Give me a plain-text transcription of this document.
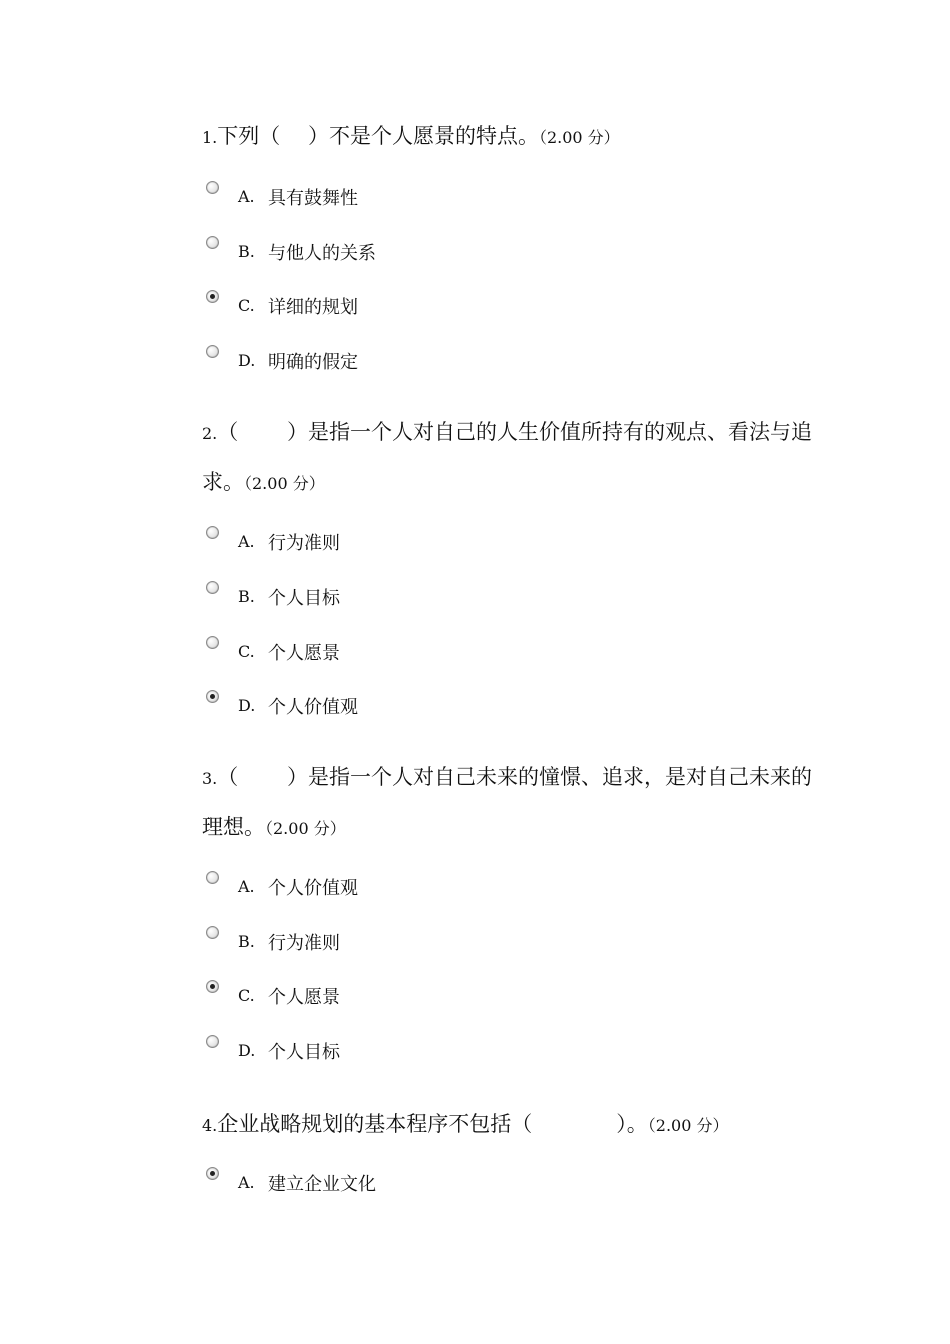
1.下列（　 ）不是个人愿景的特点。（2.00 分）

A. 具有鼓舞性
B. 与他人的关系
C. 详细的规划
D. 明确的假定

2.（　　 ）是指一个人对自己的人生价值所持有的观点、看法与追求。（2.00 分）

A. 行为准则
B. 个人目标
C. 个人愿景
D. 个人价值观

3.（　　 ）是指一个人对自己未来的憧憬、追求，是对自己未来的理想。（2.00 分）

A. 个人价值观
B. 行为准则
C. 个人愿景
D. 个人目标

4.企业战略规划的基本程序不包括（　　　　）。（2.00 分）

A. 建立企业文化
